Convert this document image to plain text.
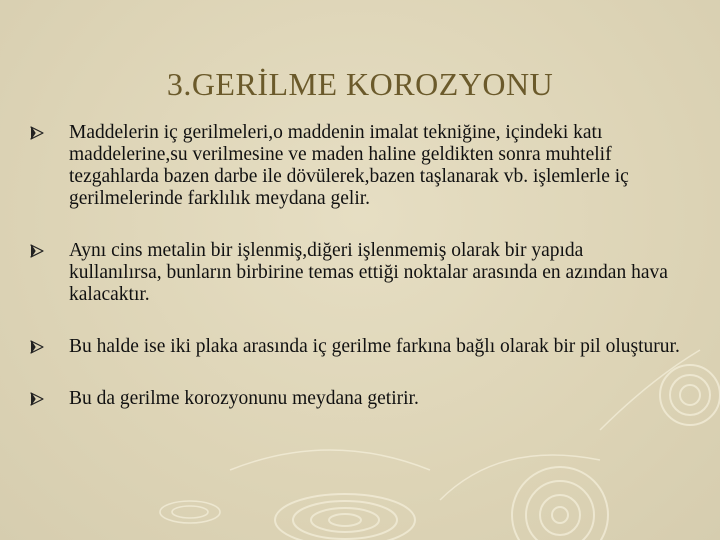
3.GERİLME KOROZYONU
Maddelerin iç gerilmeleri,o maddenin imalat tekniğine, içindeki katı maddelerine,su verilmesine ve maden haline geldikten sonra muhtelif tezgahlarda bazen darbe ile dövülerek,bazen taşlanarak vb. işlemlerle iç gerilmelerinde farklılık meydana gelir.
Aynı cins metalin bir işlenmiş,diğeri işlenmemiş olarak bir yapıda kullanılırsa, bunların birbirine temas ettiği noktalar arasında en azından hava kalacaktır.
Bu halde ise iki plaka arasında iç gerilme farkına bağlı olarak bir pil oluşturur.
Bu da gerilme korozyonunu meydana getirir.
